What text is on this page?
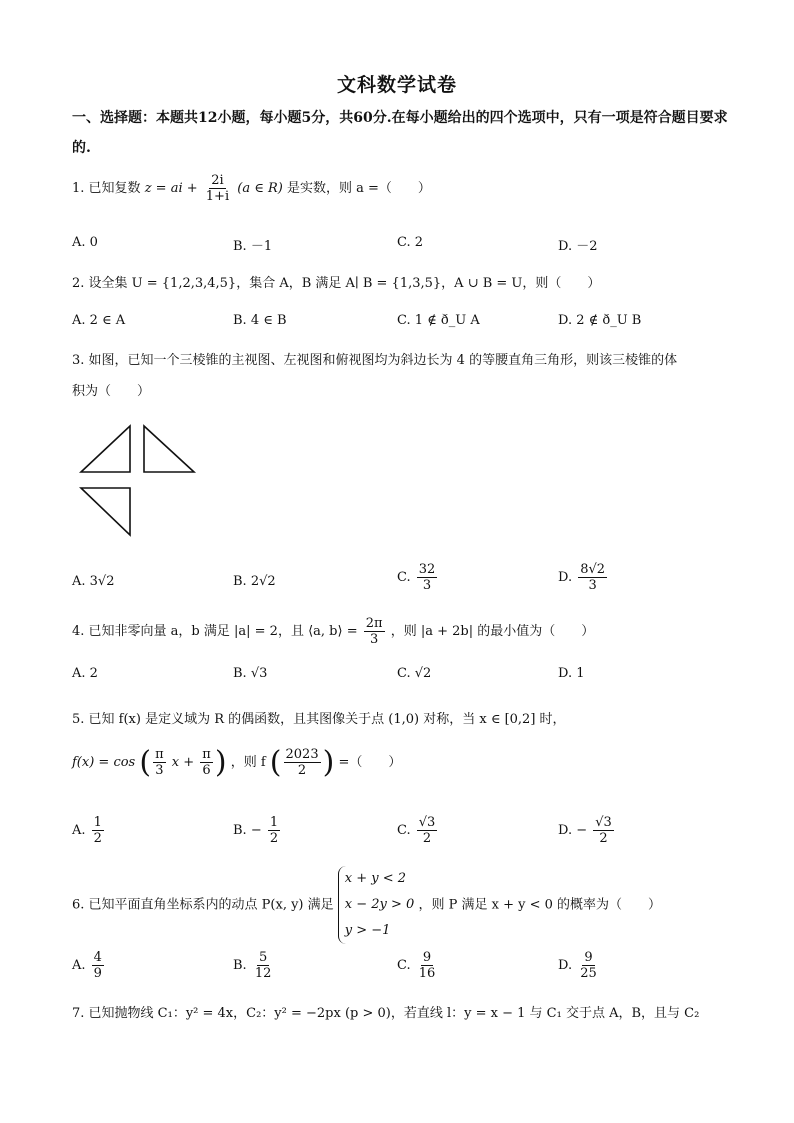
文科数学试卷
一、选择题：本题共12小题，每小题5分，共60分.在每小题给出的四个选项中，只有一项是符合题目要求的.
1. 已知复数 z = ai + $\frac{2i}{1+i} (a$ ∈ R) 是实数，则 a =（　　）
A. 0	B. －1	C. 2	D. －2
2. 设全集 U = {1,2,3,4,5}，集合 A，B 满足 A∣ B = {1,3,5}，A ∪ B = U，则（　　）
A. 2 ∈ A	B. 4 ∈ B	C. 1 ∉ ð_U A	D. 2 ∉ ð_U B
3. 如图，已知一个三棱锥的主视图、左视图和俯视图均为斜边长为 4 的等腰直角三角形，则该三棱锥的体
积为（　　）
A. 3√2	B. 2√2	C. $\frac{32}{3}$	D. $\frac{8√2}{3}$
4. 已知非零向量 a，b 满足 |a| = 2，且 ⟨a, b⟩ = $\frac{2\pi}{3}$ ，则 |a + 2b| 的最小值为（　　）
A. 2	B. √3	C. √2	D. 1
5. 已知 f(x) 是定义域为 R 的偶函数，且其图像关于点 (1,0) 对称，当 x ∈ [0,2] 时，
f(x) = cos ( $\frac{\pi}{3}$ $x + \frac{\pi}{6}$ ) ，则 f ( $\frac{2023}{2}$ ) =（　　）
A. $\frac{1}{2}$	B. − $\frac{1}{2}$	C. $\frac{√3}{2}$	D. − $\frac{√3}{2}$
6. 已知平面直角坐标系内的动点 P(x, y) 满足
x + y < 2
x − 2y > 0
y > −1
，则 P 满足 x + y < 0 的概率为（　　）
A. $\frac{4}{9}$	B. $\frac{5}{12}$	C. $\frac{9}{16}$	D. $\frac{9}{25}$
7. 已知抛物线 C₁：y² = 4x，C₂：y² = −2px (p > 0)，若直线 l：y = x − 1 与 C₁ 交于点 A，B，且与 C₂
